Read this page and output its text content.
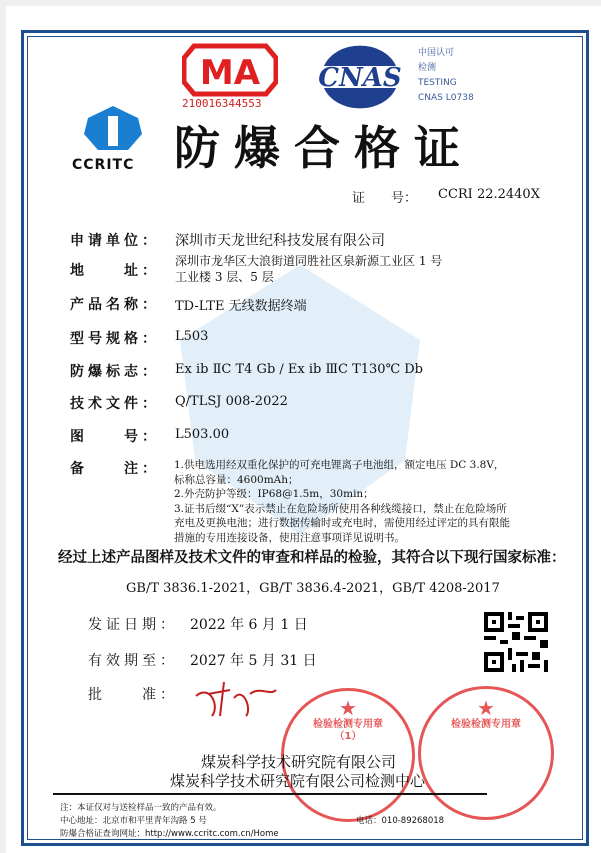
MA
210016344553
CNAS
中国认可
检测
TESTING
CNAS L0738
CCRITC 防爆合格证
证　　号： CCRI 22.2440X
申请单位： 深圳市天龙世纪科技发展有限公司
地　　址：
深圳市龙华区大浪街道同胜社区泉新源工业区 1 号
工业楼 3 层、5 层
产品名称： TD-LTE 无线数据终端
型号规格： L503
防爆标志： Ex ib ⅡC T4 Gb / Ex ib ⅢC T130℃ Db
技术文件： Q/TLSJ 008-2022
图　　号： L503.00
备　　注： 1.供电选用经双重化保护的可充电锂离子电池组，额定电压 DC 3.8V，
标称总容量：4600mAh；
2.外壳防护等级：IP68@1.5m，30min；
3.证书后缀“X”表示禁止在危险场所使用各种线缆接口，禁止在危险场所
充电及更换电池；进行数据传输时或充电时，需使用经过评定的具有限能
措施的专用连接设备，使用注意事项详见说明书。
经过上述产品图样及技术文件的审查和样品的检验，其符合以下现行国家标准：
GB/T 3836.1-2021，GB/T 3836.4-2021，GB/T 4208-2017
发证日期： 2022 年 6 月 1 日
有效期至： 2027 年 5 月 31 日
批　　准：
★
检验检测专用章
（1）
★
检验检测专用章
煤炭科学技术研究院有限公司
煤炭科学技术研究院有限公司检测中心
注：本证仅对与送检样品一致的产品有效。
中心地址：北京市和平里青年沟路 5 号	电话：010-89268018
防爆合格证查询网址：http://www.ccritc.com.cn/Home
